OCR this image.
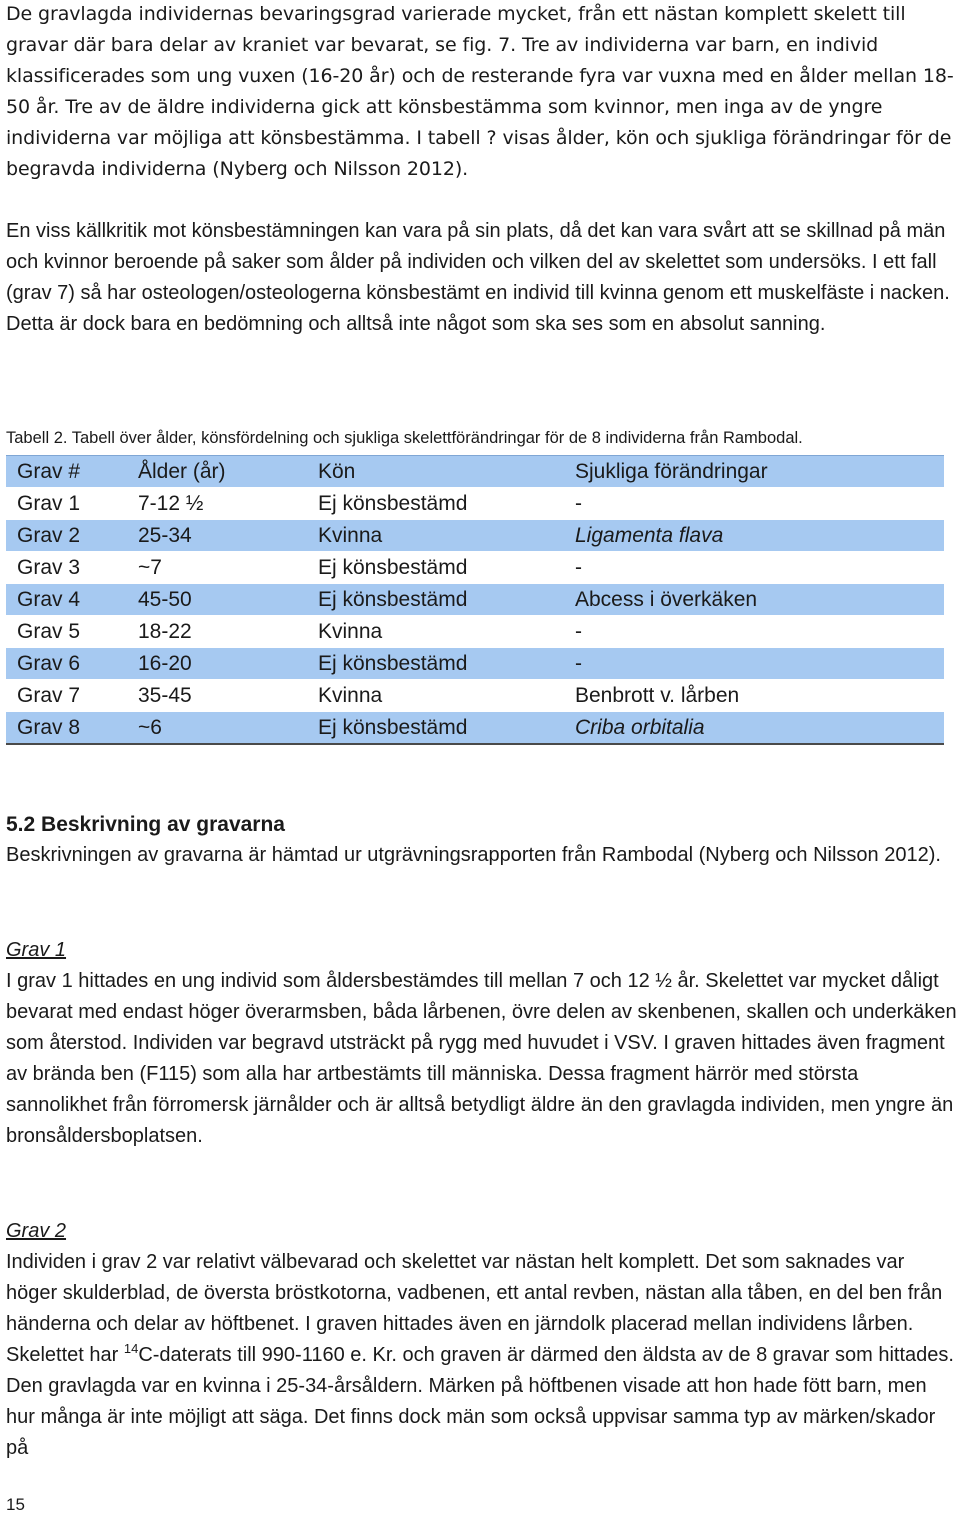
De gravlagda individernas bevaringsgrad varierade mycket, från ett nästan komplett skelett till gravar där bara delar av kraniet var bevarat, se fig. 7. Tre av individerna var barn, en individ klassificerades som ung vuxen (16-20 år) och de resterande fyra var vuxna med en ålder mellan 18-50 år. Tre av de äldre individerna gick att könsbestämma som kvinnor, men inga av de yngre individerna var möjliga att könsbestämma. I tabell ? visas ålder, kön och sjukliga förändringar för de begravda individerna (Nyberg och Nilsson 2012).

En viss källkritik mot könsbestämningen kan vara på sin plats, då det kan vara svårt att se skillnad på män och kvinnor beroende på saker som ålder på individen och vilken del av skelettet som undersöks. I ett fall (grav 7) så har osteologen/osteologerna könsbestämt en individ till kvinna genom ett muskelfäste i nacken. Detta är dock bara en bedömning och alltså inte något som ska ses som en absolut sanning.

Tabell 2. Tabell över ålder, könsfördelning och sjukliga skelettförändringar för de 8 individerna från Rambodal.

Grav #	Ålder (år)	Kön	Sjukliga förändringar
Grav 1	7-12 ½	Ej könsbestämd	-
Grav 2	25-34	Kvinna	Ligamenta flava
Grav 3	~7	Ej könsbestämd	-
Grav 4	45-50	Ej könsbestämd	Abcess i överkäken
Grav 5	18-22	Kvinna	-
Grav 6	16-20	Ej könsbestämd	-
Grav 7	35-45	Kvinna	Benbrott v. lårben
Grav 8	~6	Ej könsbestämd	Criba orbitalia
5.2 Beskrivning av gravarna

Beskrivningen av gravarna är hämtad ur utgrävningsrapporten från Rambodal (Nyberg och Nilsson 2012).

Grav 1

I grav 1 hittades en ung individ som åldersbestämdes till mellan 7 och 12 ½ år. Skelettet var mycket dåligt bevarat med endast höger överarmsben, båda lårbenen, övre delen av skenbenen, skallen och underkäken som återstod. Individen var begravd utsträckt på rygg med huvudet i VSV. I graven hittades även fragment av brända ben (F115) som alla har artbestämts till människa. Dessa fragment härrör med största sannolikhet från förromersk järnålder och är alltså betydligt äldre än den gravlagda individen, men yngre än bronsåldersboplatsen.

Grav 2

Individen i grav 2 var relativt välbevarad och skelettet var nästan helt komplett. Det som saknades var höger skulderblad, de översta bröstkotorna, vadbenen, ett antal revben, nästan alla tåben, en del ben från händerna och delar av höftbenet. I graven hittades även en järndolk placerad mellan individens lårben. Skelettet har $^{14}$C-daterats till 990-1160 e. Kr. och graven är därmed den äldsta av de 8 gravar som hittades. Den gravlagda var en kvinna i 25-34-årsåldern. Märken på höftbenen visade att hon hade fött barn, men hur många är inte möjligt att säga. Det finns dock män som också uppvisar samma typ av märken/skador på

15
